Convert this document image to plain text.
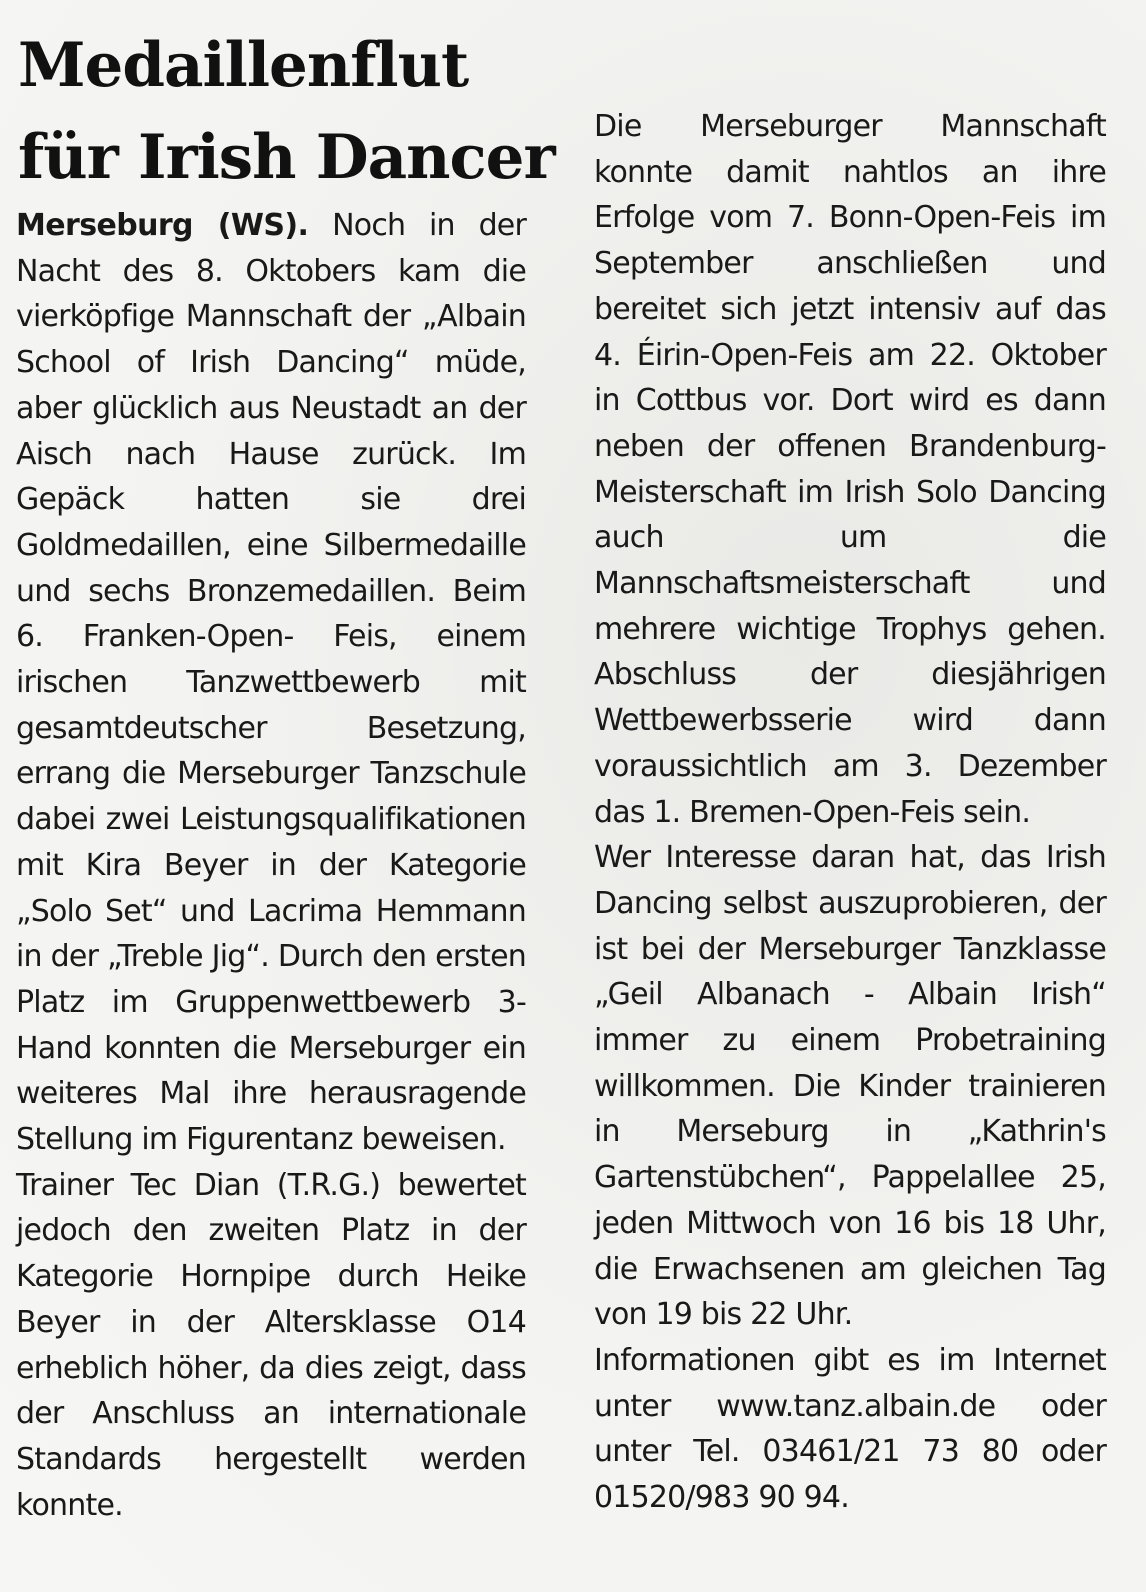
Medaillenflut
für Irish Dancer

Merseburg (WS). Noch in der Nacht des 8. Oktobers kam die vierköpfige Mannschaft der „Albain School of Irish Dancing“ müde, aber glücklich aus Neustadt an der Aisch nach Hause zurück. Im Gepäck hatten sie drei Goldmedaillen, eine Silbermedaille und sechs Bronzemedaillen. Beim 6. Franken-Open- Feis, einem irischen Tanzwettbewerb mit gesamtdeutscher Besetzung, errang die Merseburger Tanzschule dabei zwei Leistungsqualifikationen mit Kira Beyer in der Kategorie „Solo Set“ und Lacrima Hemmann in der „Treble Jig“. Durch den ersten Platz im Gruppenwettbewerb 3-Hand konnten die Merseburger ein weiteres Mal ihre herausragende Stellung im Figurentanz beweisen.

Trainer Tec Dian (T.R.G.) bewertet jedoch den zweiten Platz in der Kategorie Hornpipe durch Heike Beyer in der Altersklasse O14 erheblich höher, da dies zeigt, dass der Anschluss an internationale Standards hergestellt werden konnte.

Die Merseburger Mannschaft konnte damit nahtlos an ihre Erfolge vom 7. Bonn-Open-Feis im September anschließen und bereitet sich jetzt intensiv auf das 4. Éirin-Open-Feis am 22. Oktober in Cottbus vor. Dort wird es dann neben der offenen Brandenburg-Meisterschaft im Irish Solo Dancing auch um die Mannschaftsmeisterschaft und mehrere wichtige Trophys gehen. Abschluss der diesjährigen Wettbewerbsserie wird dann voraussichtlich am 3. Dezember das 1. Bremen-Open-Feis sein.

Wer Interesse daran hat, das Irish Dancing selbst auszuprobieren, der ist bei der Merseburger Tanzklasse „Geil Albanach - Albain Irish“ immer zu einem Probetraining willkommen. Die Kinder trainieren in Merseburg in „Kathrin's Gartenstübchen“, Pappelallee 25, jeden Mittwoch von 16 bis 18 Uhr, die Erwachsenen am gleichen Tag von 19 bis 22 Uhr.

Informationen gibt es im Internet unter www.tanz.albain.de oder unter Tel. 03461/21 73 80 oder 01520/983 90 94.
